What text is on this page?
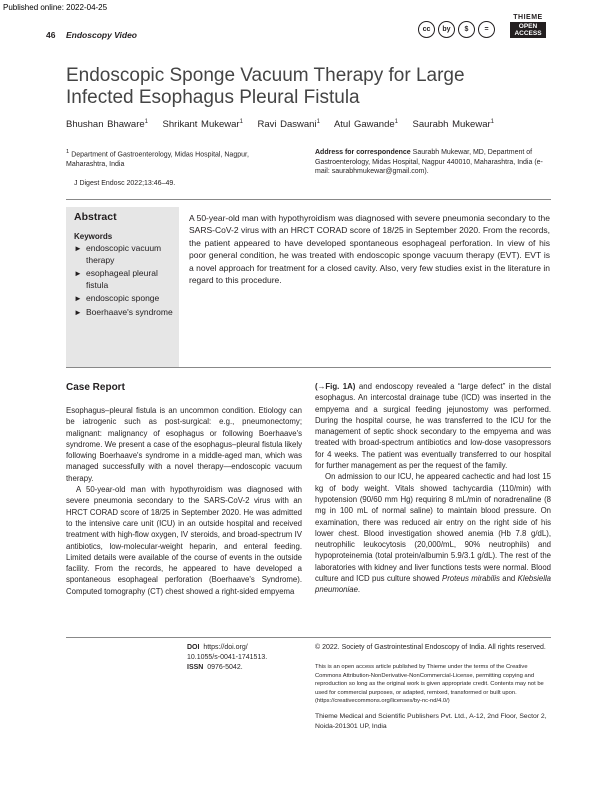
Published online: 2022-04-25
46 Endoscopy Video
cc	by	$	=
THIEME
OPEN
ACCESS
Endoscopic Sponge Vacuum Therapy for Large Infected Esophagus Pleural Fistula
Bhushan Bhaware$^1$ Shrikant Mukewar$^1$ Ravi Daswani$^1$ Atul Gawande$^1$ Saurabh Mukewar$^1$
$^1$ Department of Gastroenterology, Midas Hospital, Nagpur, Maharashtra, India
Address for correspondence Saurabh Mukewar, MD, Department of Gastroenterology, Midas Hospital, Nagpur 440010, Maharashtra, India (e-mail: saurabhmukewar@gmail.com).
J Digest Endosc 2022;13:46–49.
Abstract
Keywords
► endoscopic vacuum therapy
► esophageal pleural fistula
► endoscopic sponge
► Boerhaave's syndrome
A 50-year-old man with hypothyroidism was diagnosed with severe pneumonia secondary to the SARS-CoV-2 virus with an HRCT CORAD score of 18/25 in September 2020. From the records, the patient appeared to have developed spontaneous esophageal perforation. In view of his poor general condition, he was treated with endoscopic sponge vacuum therapy (EVT). EVT is a novel approach for treatment for a closed cavity. Also, very few studies exist in the literature in regard to this procedure.
Case Report

Esophagus–pleural fistula is an uncommon condition. Etiology can be iatrogenic such as post-surgical: e.g., pneumonectomy; malignant: malignancy of esophagus or following Boerhaave's syndrome. We present a case of the esophagus–pleural fistula likely following Boerhaave's syndrome in a middle-aged man, which was managed successfully with a novel therapy—endoscopic vacuum therapy.

A 50-year-old man with hypothyroidism was diagnosed with severe pneumonia secondary to the SARS-CoV-2 virus with an HRCT CORAD score of 18/25 in September 2020. He was admitted to the intensive care unit (ICU) in an outside hospital and received treatment with high-flow oxygen, IV steroids, and broad-spectrum IV antibiotics, low-molecular-weight heparin, and enteral feeding. Limited details were available of the course of events in the outside facility. From the records, he appeared to have developed a spontaneous esophageal perforation (Boerhaave's Syndrome). Computed tomography (CT) chest showed a right-sided empyema

(→Fig. 1A) and endoscopy revealed a “large defect” in the distal esophagus. An intercostal drainage tube (ICD) was inserted in the empyema and a surgical feeding jejunostomy was performed. During the hospital course, he was transferred to the ICU for the management of septic shock secondary to the empyema and was treated with broad-spectrum antibiotics and low-dose vasopressors for 4 weeks. The patient was eventually transferred to our hospital for further management as per the request of the family.

On admission to our ICU, he appeared cachectic and had lost 15 kg of body weight. Vitals showed tachycardia (110/min) with hypotension (90/60 mm Hg) requiring 8 mL/min of noradrenaline (8 mg in 100 mL of normal saline) to maintain blood pressure. On examination, there was reduced air entry on the right side of his lower chest. Blood investigation showed anemia (Hb 7.8 g/dL), neutrophilic leukocytosis (20,000/mL, 90% neutrophils) and hypoproteinemia (total protein/albumin 5.9/3.1 g/dL). The rest of the laboratories with kidney and liver functions tests were normal. Blood culture and ICD pus culture showed Proteus mirabilis and Klebsiella pneumoniae.

DOI https://doi.org/
10.1055/s-0041-1741513.
ISSN 0976-5042.
© 2022. Society of Gastrointestinal Endoscopy of India. All rights reserved.
This is an open access article published by Thieme under the terms of the Creative Commons Attribution-NonDerivative-NonCommercial-License, permitting copying and reproduction so long as the original work is given appropriate credit. Contents may not be used for commercial purposes, or adapted, remixed, transformed or built upon. (https://creativecommons.org/licenses/by-nc-nd/4.0/)
Thieme Medical and Scientific Publishers Pvt. Ltd., A-12, 2nd Floor, Sector 2, Noida-201301 UP, India
